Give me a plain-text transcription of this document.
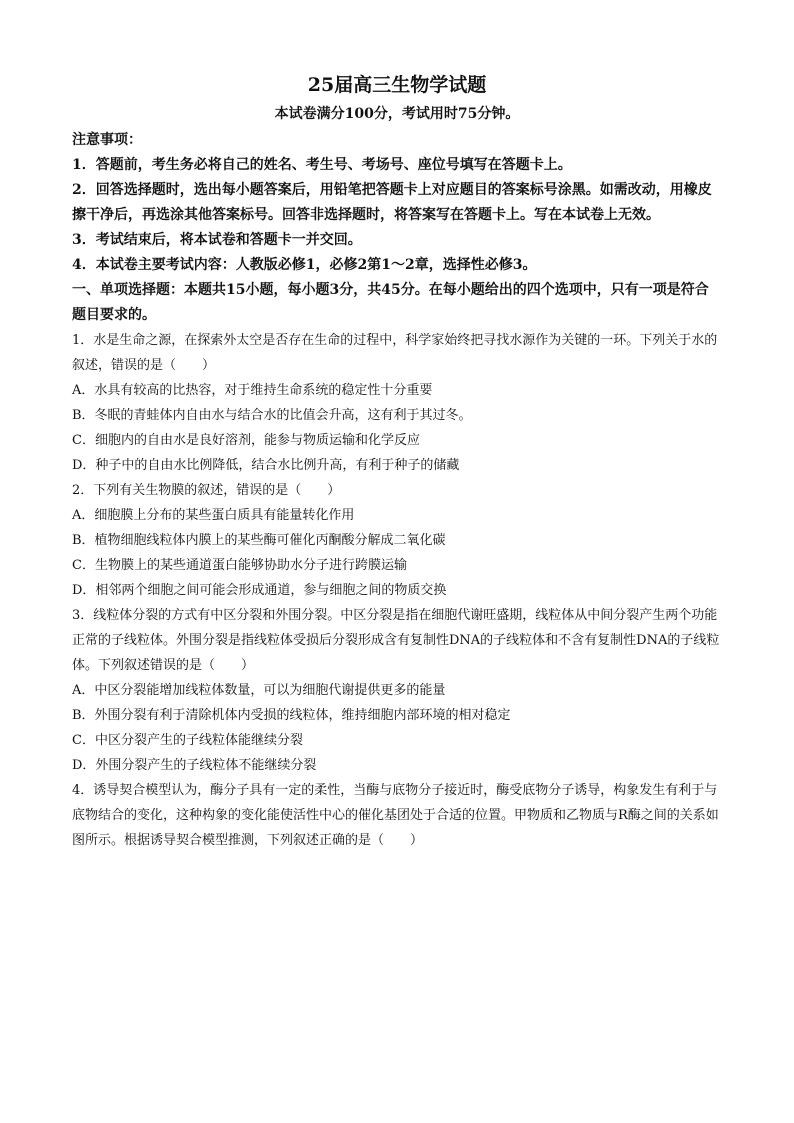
25届高三生物学试题
本试卷满分100分，考试用时75分钟。
注意事项：
1．答题前，考生务必将自己的姓名、考生号、考场号、座位号填写在答题卡上。
2．回答选择题时，选出每小题答案后，用铅笔把答题卡上对应题目的答案标号涂黑。如需改动，用橡皮擦干净后，再选涂其他答案标号。回答非选择题时，将答案写在答题卡上。写在本试卷上无效。
3．考试结束后，将本试卷和答题卡一并交回。
4．本试卷主要考试内容：人教版必修1，必修2第1～2章，选择性必修3。
一、单项选择题：本题共15小题，每小题3分，共45分。在每小题给出的四个选项中，只有一项是符合题目要求的。
1．水是生命之源，在探索外太空是否存在生命的过程中，科学家始终把寻找水源作为关键的一环。下列关于水的叙述，错误的是（　　）
A．水具有较高的比热容，对于维持生命系统的稳定性十分重要
B．冬眠的青蛙体内自由水与结合水的比值会升高，这有利于其过冬。
C．细胞内的自由水是良好溶剂，能参与物质运输和化学反应
D．种子中的自由水比例降低，结合水比例升高，有利于种子的储藏
2．下列有关生物膜的叙述，错误的是（　　）
A．细胞膜上分布的某些蛋白质具有能量转化作用
B．植物细胞线粒体内膜上的某些酶可催化丙酮酸分解成二氧化碳
C．生物膜上的某些通道蛋白能够协助水分子进行跨膜运输
D．相邻两个细胞之间可能会形成通道，参与细胞之间的物质交换
3．线粒体分裂的方式有中区分裂和外围分裂。中区分裂是指在细胞代谢旺盛期，线粒体从中间分裂产生两个功能正常的子线粒体。外围分裂是指线粒体受损后分裂形成含有复制性DNA的子线粒体和不含有复制性DNA的子线粒体。下列叙述错误的是（　　）
A．中区分裂能增加线粒体数量，可以为细胞代谢提供更多的能量
B．外围分裂有利于清除机体内受损的线粒体，维持细胞内部环境的相对稳定
C．中区分裂产生的子线粒体能继续分裂
D．外围分裂产生的子线粒体不能继续分裂
4．诱导契合模型认为，酶分子具有一定的柔性，当酶与底物分子接近时，酶受底物分子诱导，构象发生有利于与底物结合的变化，这种构象的变化能使活性中心的催化基团处于合适的位置。甲物质和乙物质与R酶之间的关系如图所示。根据诱导契合模型推测，下列叙述正确的是（　　）
